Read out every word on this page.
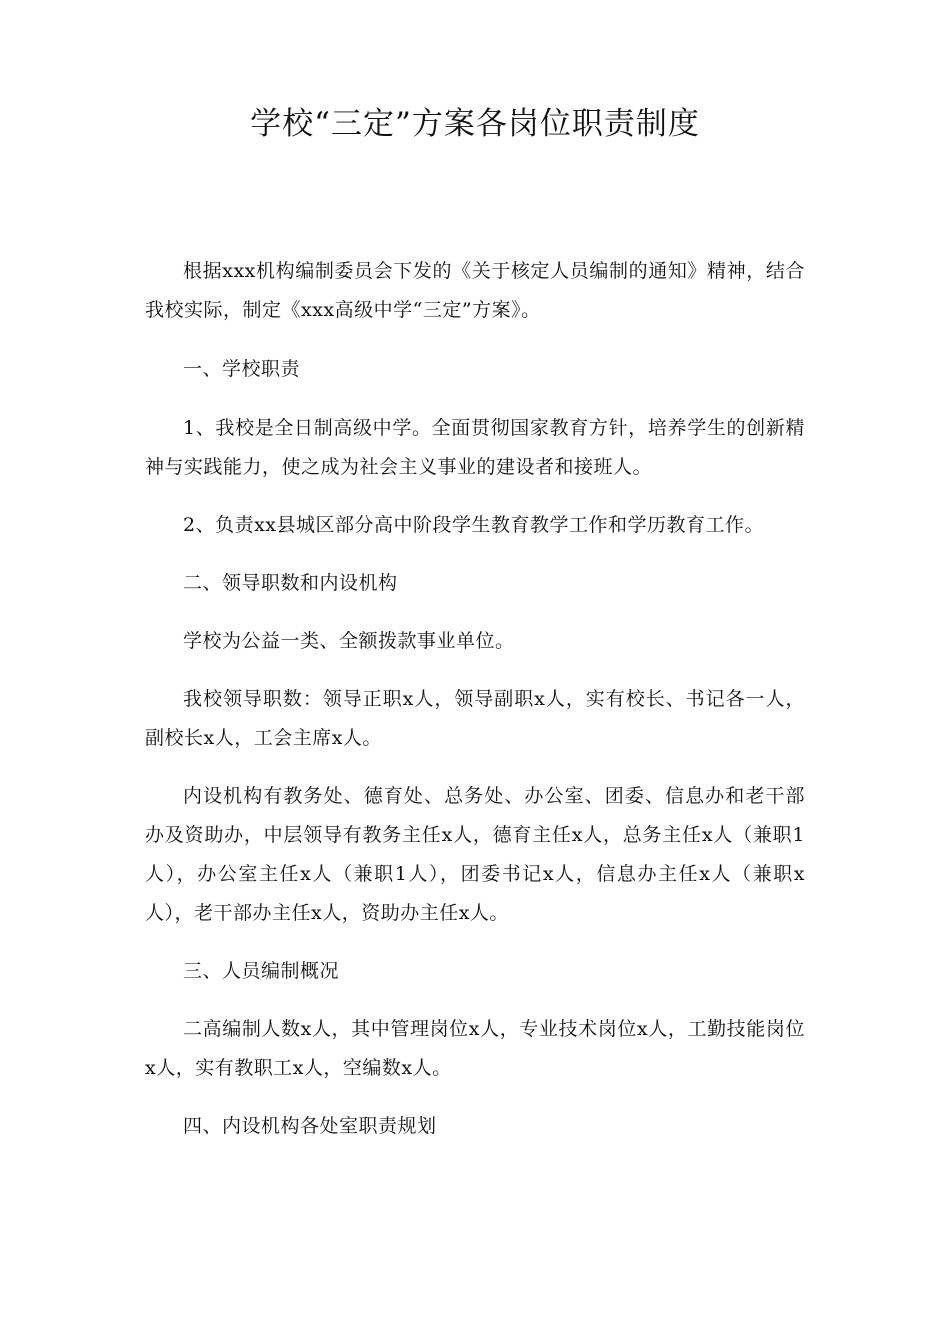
学校“三定”方案各岗位职责制度

根据xxx机构编制委员会下发的《关于核定人员编制的通知》精神，结合我校实际，制定《xxx高级中学“三定”方案》。

一、学校职责

1、我校是全日制高级中学。全面贯彻国家教育方针，培养学生的创新精神与实践能力，使之成为社会主义事业的建设者和接班人。

2、负责xx县城区部分高中阶段学生教育教学工作和学历教育工作。

二、领导职数和内设机构

学校为公益一类、全额拨款事业单位。

我校领导职数：领导正职x人，领导副职x人，实有校长、书记各一人，副校长x人，工会主席x人。

内设机构有教务处、德育处、总务处、办公室、团委、信息办和老干部办及资助办，中层领导有教务主任x人，德育主任x人，总务主任x人（兼职1人），办公室主任x人（兼职1人），团委书记x人，信息办主任x人（兼职x人），老干部办主任x人，资助办主任x人。

三、人员编制概况

二高编制人数x人，其中管理岗位x人，专业技术岗位x人，工勤技能岗位x人，实有教职工x人，空编数x人。

四、内设机构各处室职责规划
